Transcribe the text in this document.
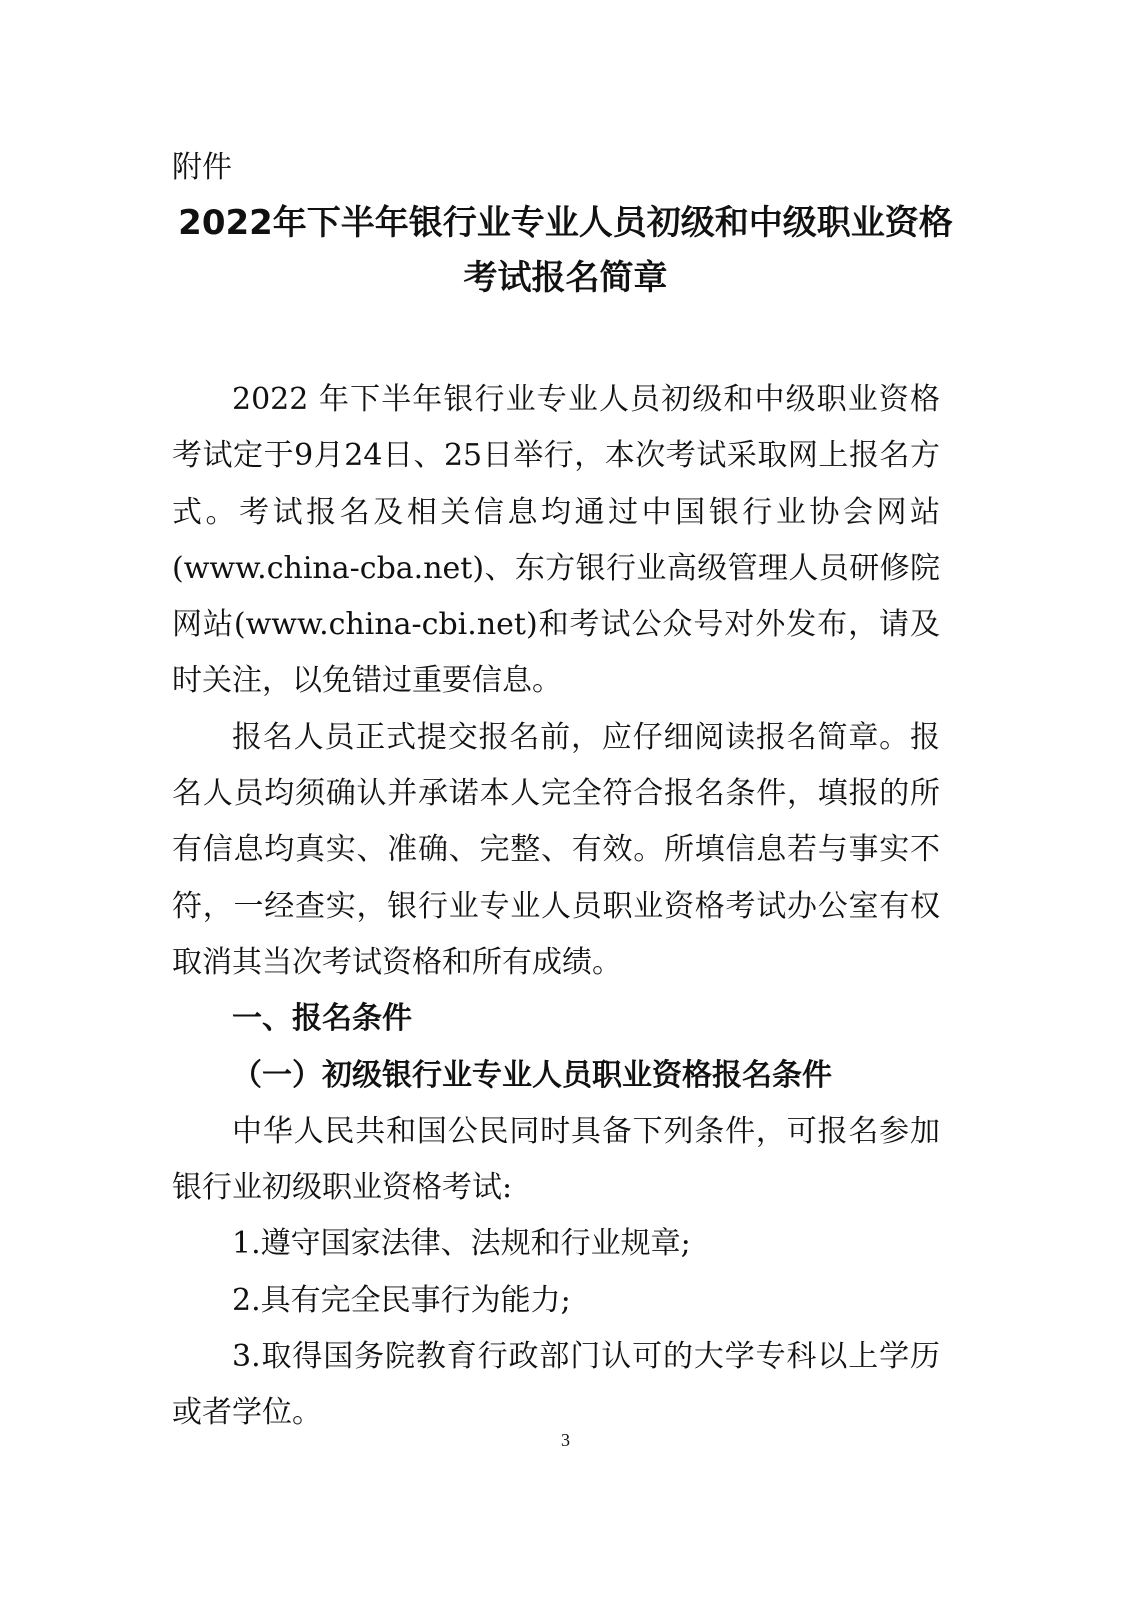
附件

2022年下半年银行业专业人员初级和中级职业资格
考试报名简章

2022 年下半年银行业专业人员初级和中级职业资格考试定于9月24日、25日举行，本次考试采取网上报名方式。考试报名及相关信息均通过中国银行业协会网站(www.china-cba.net)、东方银行业高级管理人员研修院网站(www.china-cbi.net)和考试公众号对外发布，请及时关注，以免错过重要信息。

报名人员正式提交报名前，应仔细阅读报名简章。报名人员均须确认并承诺本人完全符合报名条件，填报的所有信息均真实、准确、完整、有效。所填信息若与事实不符，一经查实，银行业专业人员职业资格考试办公室有权取消其当次考试资格和所有成绩。

一、报名条件

（一）初级银行业专业人员职业资格报名条件

中华人民共和国公民同时具备下列条件，可报名参加银行业初级职业资格考试:

1.遵守国家法律、法规和行业规章;

2.具有完全民事行为能力;

3.取得国务院教育行政部门认可的大学专科以上学历或者学位。

3
